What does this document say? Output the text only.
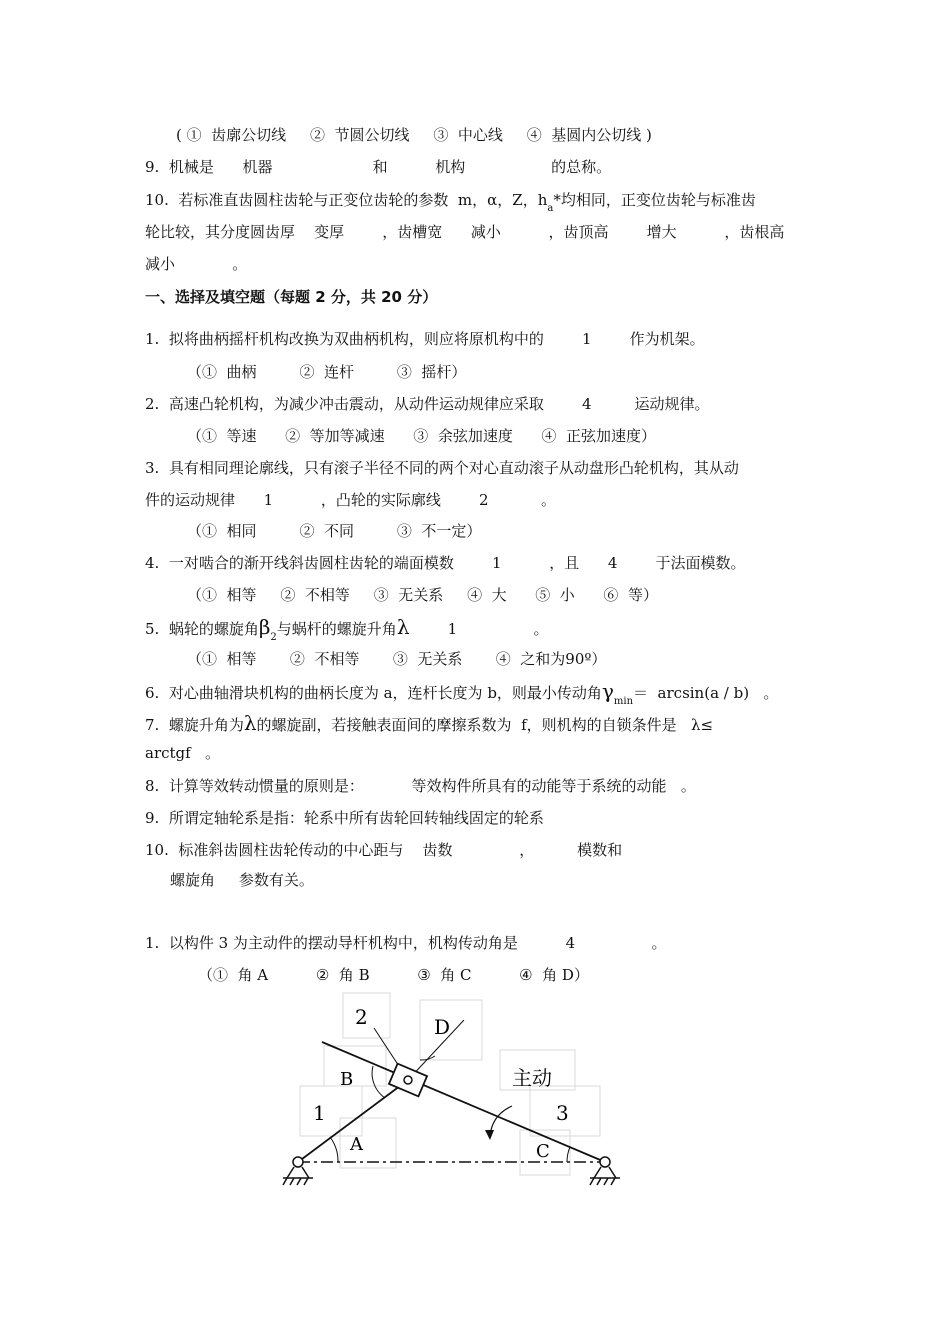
( ①  齿廓公切线     ②  节圆公切线     ③  中心线     ④  基圆内公切线 )
9.  机械是      机器                     和          机构                  的总称。
10.  若标准直齿圆柱齿轮与正变位齿轮的参数  m，α，Z，$h_a*$均相同，正变位齿轮与标准齿
轮比较，其分度圆齿厚    变厚        ，齿槽宽      减小          ，齿顶高        增大          ，齿根高
减小            。
一、选择及填空题（每题 2 分，共 20 分）
1.  拟将曲柄摇杆机构改换为双曲柄机构，则应将原机构中的        1        作为机架。
（①  曲柄         ②  连杆         ③  摇杆）
2.  高速凸轮机构，为减少冲击震动，从动件运动规律应采取        4         运动规律。
（①  等速      ②  等加等减速      ③  余弦加速度      ④  正弦加速度）
3.  具有相同理论廓线，只有滚子半径不同的两个对心直动滚子从动盘形凸轮机构，其从动
件的运动规律      1          ，凸轮的实际廓线        2           。
（①  相同         ②  不同         ③  不一定）
4.  一对啮合的渐开线斜齿圆柱齿轮的端面模数        1          ，且      4        于法面模数。
（①  相等     ②  不相等     ③  无关系     ④  大      ⑤  小      ⑥  等）
5.  蜗轮的螺旋角$\beta_2$与蜗杆的螺旋升角λ        1                。
（①  相等       ②  不相等       ③  无关系       ④  之和为90º）
6.  对心曲轴滑块机构的曲柄长度为 a，连杆长度为 b，则最小传动角$\gamma_{min}= \arcsin(a / b)$   。
7.  螺旋升角为λ的螺旋副，若接触表面间的摩擦系数为  f，则机构的自锁条件是   λ≤
arctgf   。
8.  计算等效转动惯量的原则是：          等效构件所具有的动能等于系统的动能   。
9.  所谓定轴轮系是指：轮系中所有齿轮回转轴线固定的轮系
10.  标准斜齿圆柱齿轮传动的中心距与    齿数              ，         模数和
螺旋角     参数有关。
1.  以构件 3 为主动件的摆动导杆机构中，机构传动角是          4                。
（①  角 A          ②  角 B          ③  角 C          ④  角 D）
2	D
B	主动
1	3
A	C
